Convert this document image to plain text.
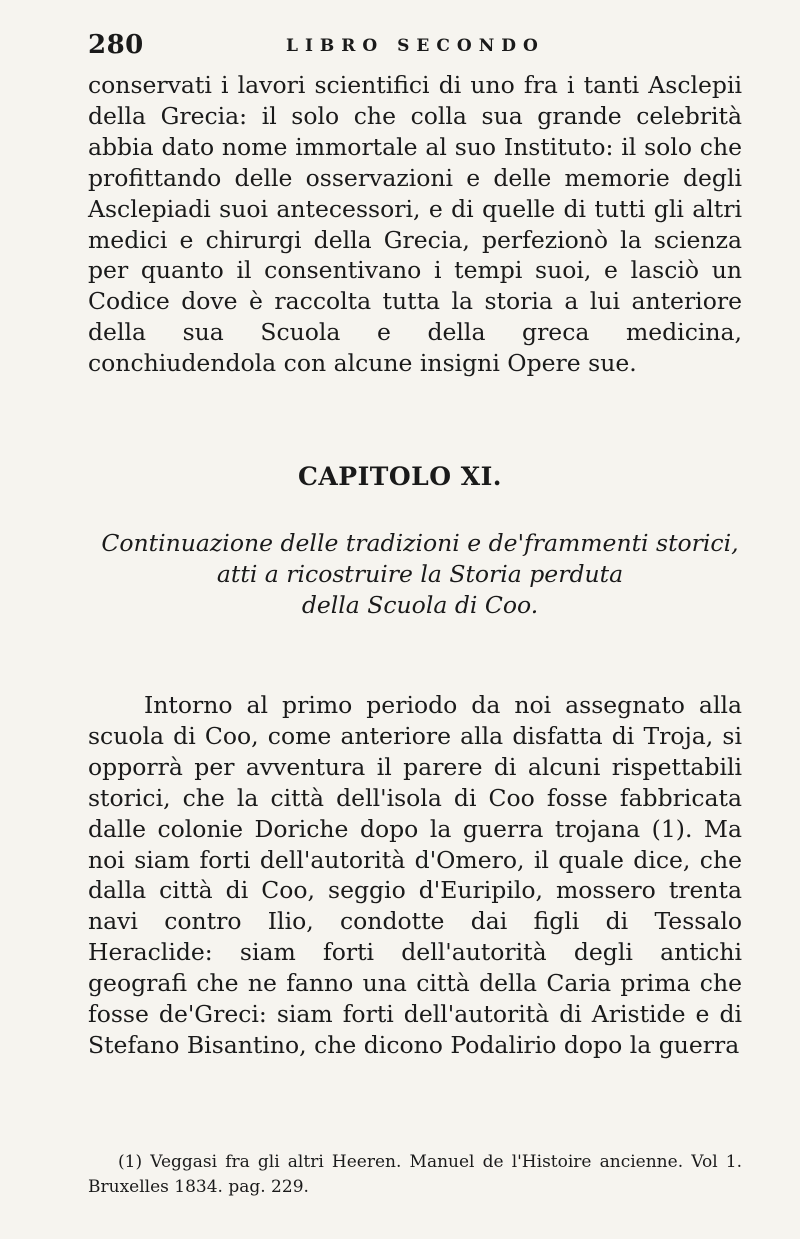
280	LIBRO SECONDO

conservati i lavori scientifici di uno fra i tanti Asclepii della Grecia: il solo che colla sua grande celebrità abbia dato nome immortale al suo Instituto: il solo che profittando delle osservazioni e delle memorie degli Asclepiadi suoi antecessori, e di quelle di tutti gli altri medici e chirurgi della Grecia, perfezionò la scienza per quanto il consentivano i tempi suoi, e lasciò un Codice dove è raccolta tutta la storia a lui anteriore della sua Scuola e della greca medicina, conchiudendola con alcune insigni Opere sue.

CAPITOLO XI.
Continuazione delle tradizioni e de'frammenti storici,
atti a ricostruire la Storia perduta
della Scuola di Coo.

Intorno al primo periodo da noi assegnato alla scuola di Coo, come anteriore alla disfatta di Troja, si opporrà per avventura il parere di alcuni rispettabili storici, che la città dell'isola di Coo fosse fabbricata dalle colonie Doriche dopo la guerra trojana (1). Ma noi siam forti dell'autorità d'Omero, il quale dice, che dalla città di Coo, seggio d'Euripilo, mossero trenta navi contro Ilio, condotte dai figli di Tessalo Heraclide: siam forti dell'autorità degli antichi geografi che ne fanno una città della Caria prima che fosse de'Greci: siam forti dell'autorità di Aristide e di Stefano Bisantino, che dicono Podalirio dopo la guerra

(1) Veggasi fra gli altri Heeren. Manuel de l'Histoire ancienne. Vol 1. Bruxelles 1834. pag. 229.
